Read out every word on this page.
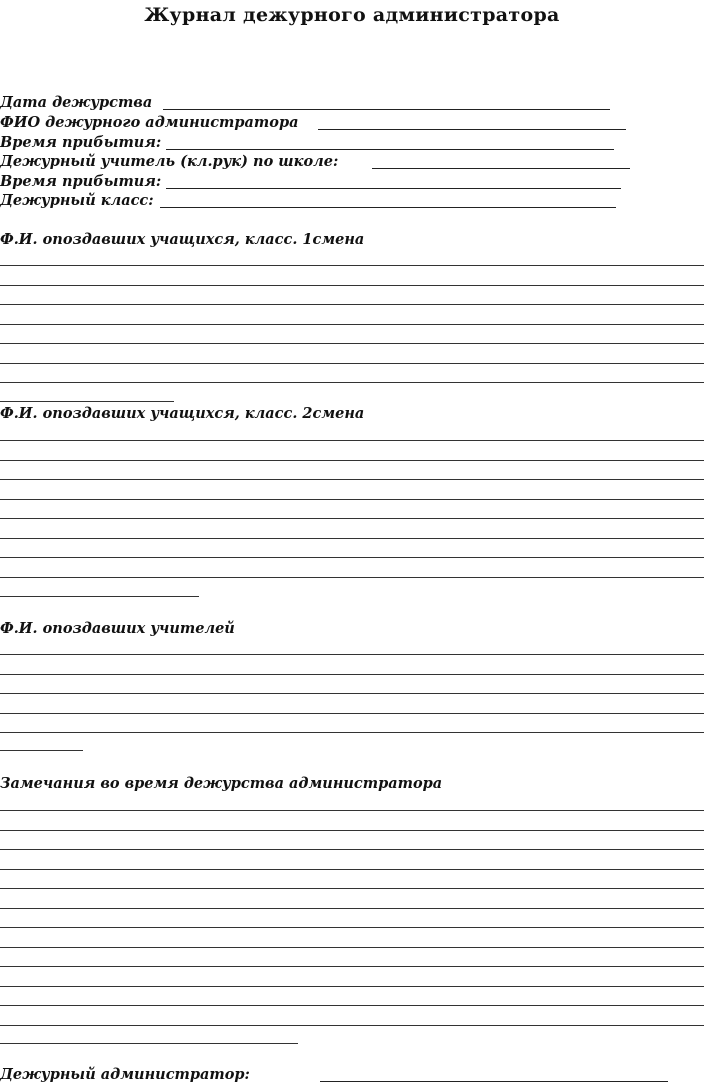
Журнал дежурного администратора
Дата дежурства
ФИО дежурного администратора
Время прибытия:
Дежурный учитель (кл.рук) по школе:
Время прибытия:
Дежурный класс:
Ф.И. опоздавших учащихся, класс. 1смена
Ф.И. опоздавших учащихся, класс. 2смена
Ф.И. опоздавших учителей
Замечания во время дежурства администратора
Дежурный администратор:
